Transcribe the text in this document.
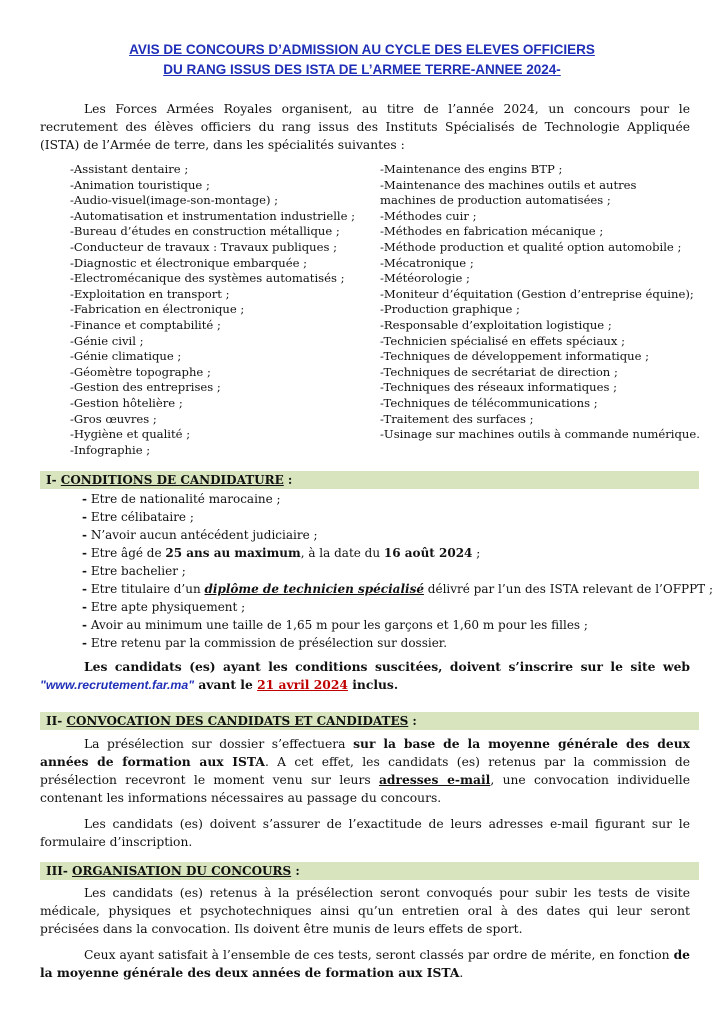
AVIS DE CONCOURS D’ADMISSION AU CYCLE DES ELEVES OFFICIERS
DU RANG ISSUS DES ISTA DE L’ARMEE TERRE-ANNEE 2024-
Les Forces Armées Royales organisent, au titre de l’année 2024, un concours pour le recrutement des élèves officiers du rang issus des Instituts Spécialisés de Technologie Appliquée (ISTA) de l’Armée de terre, dans les spécialités suivantes :
-Assistant dentaire ;
-Animation touristique ;
-Audio-visuel(image-son-montage) ;
-Automatisation et instrumentation industrielle ;
-Bureau d’études en construction métallique ;
-Conducteur de travaux : Travaux publiques ;
-Diagnostic et électronique embarquée ;
-Electromécanique des systèmes automatisés ;
-Exploitation en transport ;
-Fabrication en électronique ;
-Finance et comptabilité ;
-Génie civil ;
-Génie climatique ;
-Géomètre topographe ;
-Gestion des entreprises ;
-Gestion hôtelière ;
-Gros œuvres ;
-Hygiène et qualité ;
-Infographie ;
-Maintenance des engins BTP ;
-Maintenance des machines outils et autres
machines de production automatisées ;
-Méthodes cuir ;
-Méthodes en fabrication mécanique ;
-Méthode production et qualité option automobile ;
-Mécatronique ;
-Météorologie ;
-Moniteur d’équitation (Gestion d’entreprise équine);
-Production graphique ;
-Responsable d’exploitation logistique ;
-Technicien spécialisé en effets spéciaux ;
-Techniques de développement informatique ;
-Techniques de secrétariat de direction ;
-Techniques des réseaux informatiques ;
-Techniques de télécommunications ;
-Traitement des surfaces ;
-Usinage sur machines outils à commande numérique.
I- CONDITIONS DE CANDIDATURE :
- Etre de nationalité marocaine ;
- Etre célibataire ;
- N’avoir aucun antécédent judiciaire ;
- Etre âgé de 25 ans au maximum, à la date du 16 août 2024 ;
- Etre bachelier ;
- Etre titulaire d’un diplôme de technicien spécialisé délivré par l’un des ISTA relevant de l’OFPPT ;
- Etre apte physiquement ;
- Avoir au minimum une taille de 1,65 m pour les garçons et 1,60 m pour les filles ;
- Etre retenu par la commission de présélection sur dossier.
Les candidats (es) ayant les conditions suscitées, doivent s’inscrire sur le site web "www.recrutement.far.ma" avant le 21 avril 2024 inclus.
II- CONVOCATION DES CANDIDATS ET CANDIDATES :
La présélection sur dossier s’effectuera sur la base de la moyenne générale des deux années de formation aux ISTA. A cet effet, les candidats (es) retenus par la commission de présélection recevront le moment venu sur leurs adresses e-mail, une convocation individuelle contenant les informations nécessaires au passage du concours.
Les candidats (es) doivent s’assurer de l’exactitude de leurs adresses e-mail figurant sur le formulaire d’inscription.
III- ORGANISATION DU CONCOURS :
Les candidats (es) retenus à la présélection seront convoqués pour subir les tests de visite médicale, physiques et psychotechniques ainsi qu’un entretien oral à des dates qui leur seront précisées dans la convocation. Ils doivent être munis de leurs effets de sport.
Ceux ayant satisfait à l’ensemble de ces tests, seront classés par ordre de mérite, en fonction de la moyenne générale des deux années de formation aux ISTA.
